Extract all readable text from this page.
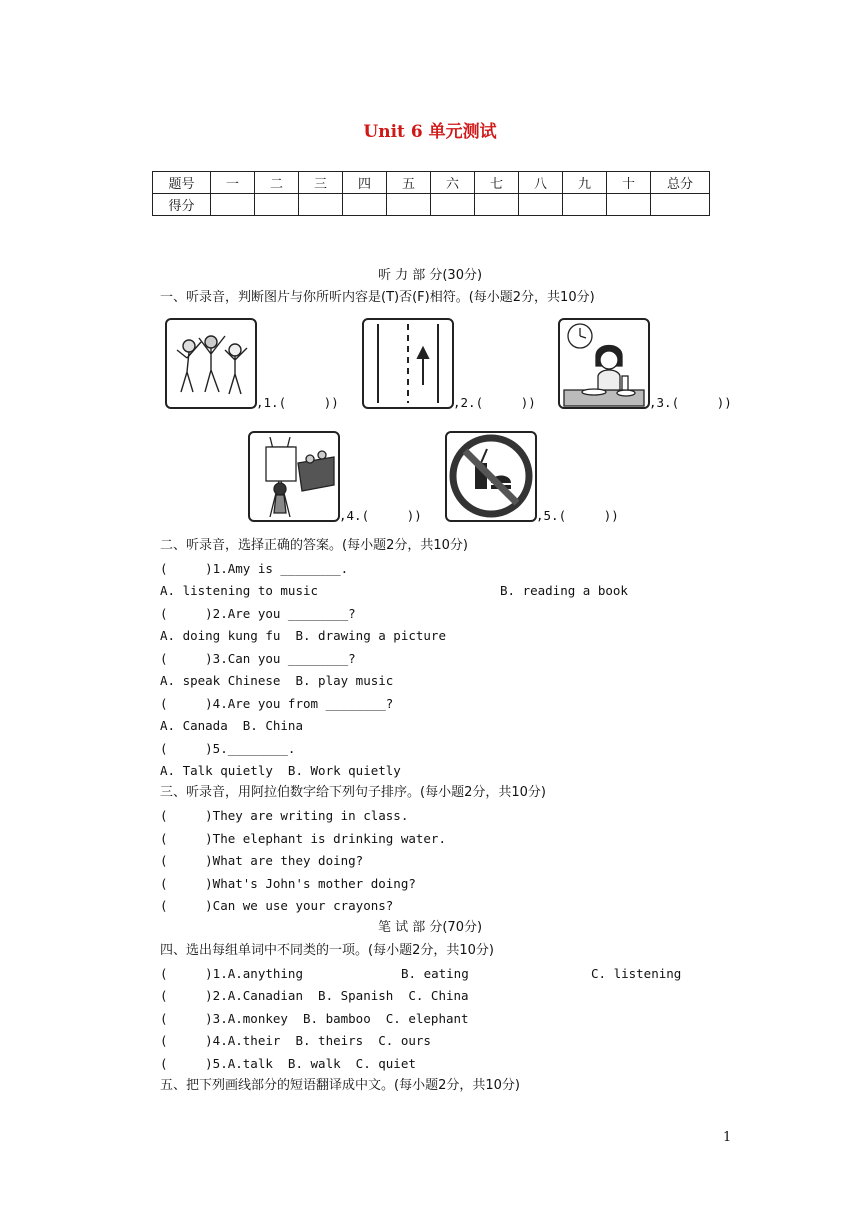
Unit 6 单元测试
题号	一	二	三	四	五	六	七	八	九	十	总分
得分											
听 力 部 分(30分)
一、听录音，判断图片与你所听内容是(T)否(F)相符。(每小题2分，共10分)
,1.(     ))	,2.(     ))	,3.(     ))
,4.(     ))	,5.(     ))
二、听录音，选择正确的答案。(每小题2分，共10分)
(     )1.Amy is ________.
A. listening to music	B. reading a book
(     )2.Are you ________?
A. doing kung fu  B. drawing a picture
(     )3.Can you ________?
A. speak Chinese  B. play music
(     )4.Are you from ________?
A. Canada  B. China
(     )5.________.
A. Talk quietly  B. Work quietly
三、听录音，用阿拉伯数字给下列句子排序。(每小题2分，共10分)
(     )They are writing in class.
(     )The elephant is drinking water.
(     )What are they doing?
(     )What's John's mother doing?
(     )Can we use your crayons?
笔 试 部 分(70分)
四、选出每组单词中不同类的一项。(每小题2分，共10分)
(     )1.A.anything	B. eating	C. listening
(     )2.A.Canadian  B. Spanish  C. China
(     )3.A.monkey  B. bamboo  C. elephant
(     )4.A.their  B. theirs  C. ours
(     )5.A.talk  B. walk  C. quiet
五、把下列画线部分的短语翻译成中文。(每小题2分，共10分)
1
